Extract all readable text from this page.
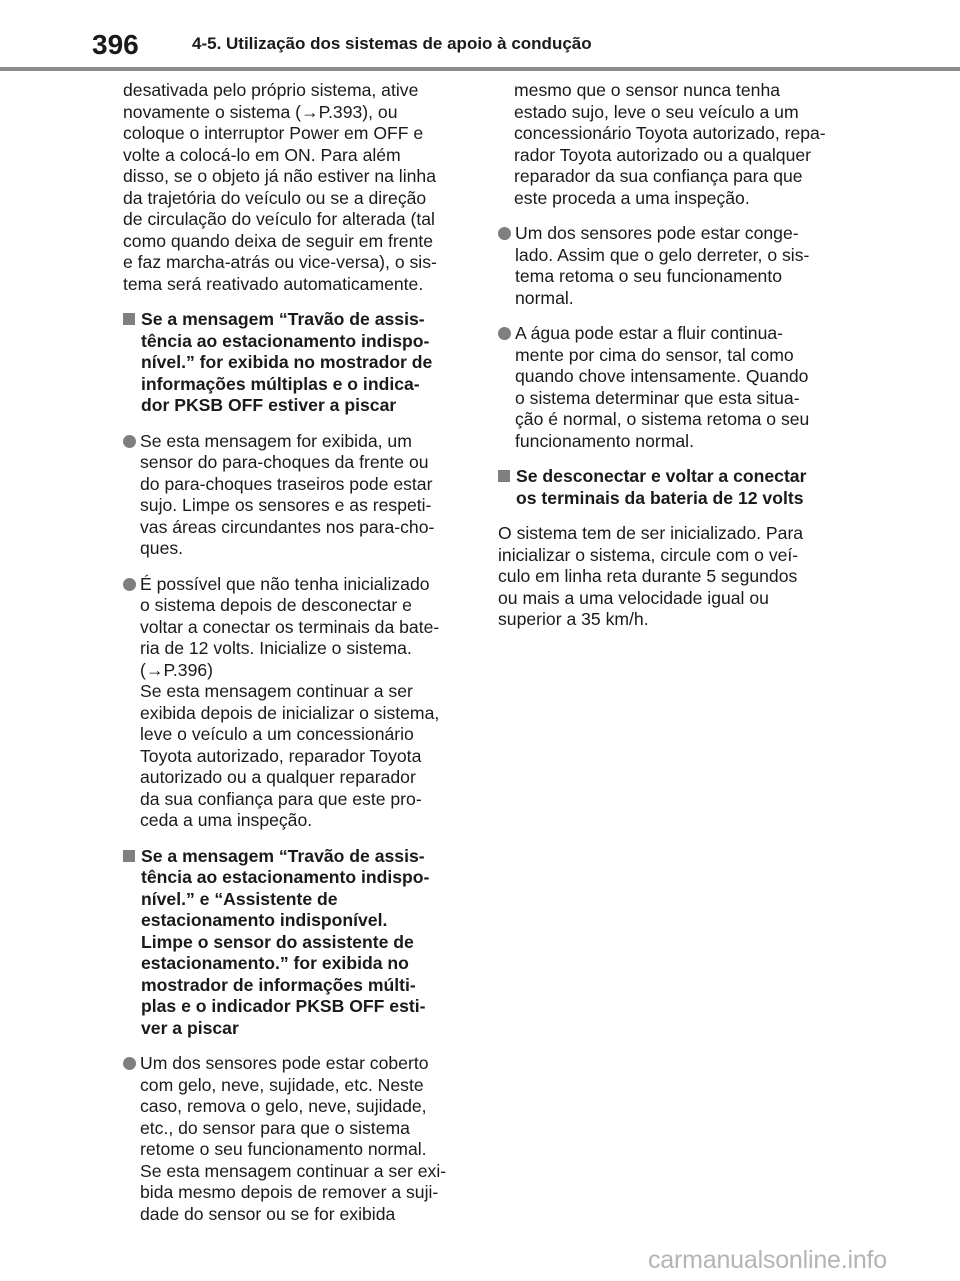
396	4-5. Utilização dos sistemas de apoio à condução

desativada pelo próprio sistema, ative
novamente o sistema (→P.393), ou
coloque o interruptor Power em OFF e
volte a colocá-lo em ON. Para além
disso, se o objeto já não estiver na linha
da trajetória do veículo ou se a direção
de circulação do veículo for alterada (tal
como quando deixa de seguir em frente
e faz marcha-atrás ou vice-versa), o sis-
tema será reativado automaticamente.

Se a mensagem “Travão de assis-
tência ao estacionamento indispo-
nível.” for exibida no mostrador de
informações múltiplas e o indica-
dor PKSB OFF estiver a piscar
Se esta mensagem for exibida, um
sensor do para-choques da frente ou
do para-choques traseiros pode estar
sujo. Limpe os sensores e as respeti-
vas áreas circundantes nos para-cho-
ques.
É possível que não tenha inicializado
o sistema depois de desconectar e
voltar a conectar os terminais da bate-
ria de 12 volts. Inicialize o sistema.
(→P.396)
Se esta mensagem continuar a ser
exibida depois de inicializar o sistema,
leve o veículo a um concessionário
Toyota autorizado, reparador Toyota
autorizado ou a qualquer reparador
da sua confiança para que este pro-
ceda a uma inspeção.
Se a mensagem “Travão de assis-
tência ao estacionamento indispo-
nível.” e “Assistente de
estacionamento indisponível.
Limpe o sensor do assistente de
estacionamento.” for exibida no
mostrador de informações múlti-
plas e o indicador PKSB OFF esti-
ver a piscar
Um dos sensores pode estar coberto
com gelo, neve, sujidade, etc. Neste
caso, remova o gelo, neve, sujidade,
etc., do sensor para que o sistema
retome o seu funcionamento normal.
Se esta mensagem continuar a ser exi-
bida mesmo depois de remover a suji-
dade do sensor ou se for exibida

mesmo que o sensor nunca tenha
estado sujo, leve o seu veículo a um
concessionário Toyota autorizado, repa-
rador Toyota autorizado ou a qualquer
reparador da sua confiança para que
este proceda a uma inspeção.

Um dos sensores pode estar conge-
lado. Assim que o gelo derreter, o sis-
tema retoma o seu funcionamento
normal.
A água pode estar a fluir continua-
mente por cima do sensor, tal como
quando chove intensamente. Quando
o sistema determinar que esta situa-
ção é normal, o sistema retoma o seu
funcionamento normal.
Se desconectar e voltar a conectar
os terminais da bateria de 12 volts

O sistema tem de ser inicializado. Para
inicializar o sistema, circule com o veí-
culo em linha reta durante 5 segundos
ou mais a uma velocidade igual ou
superior a 35 km/h.

carmanualsonline.info
